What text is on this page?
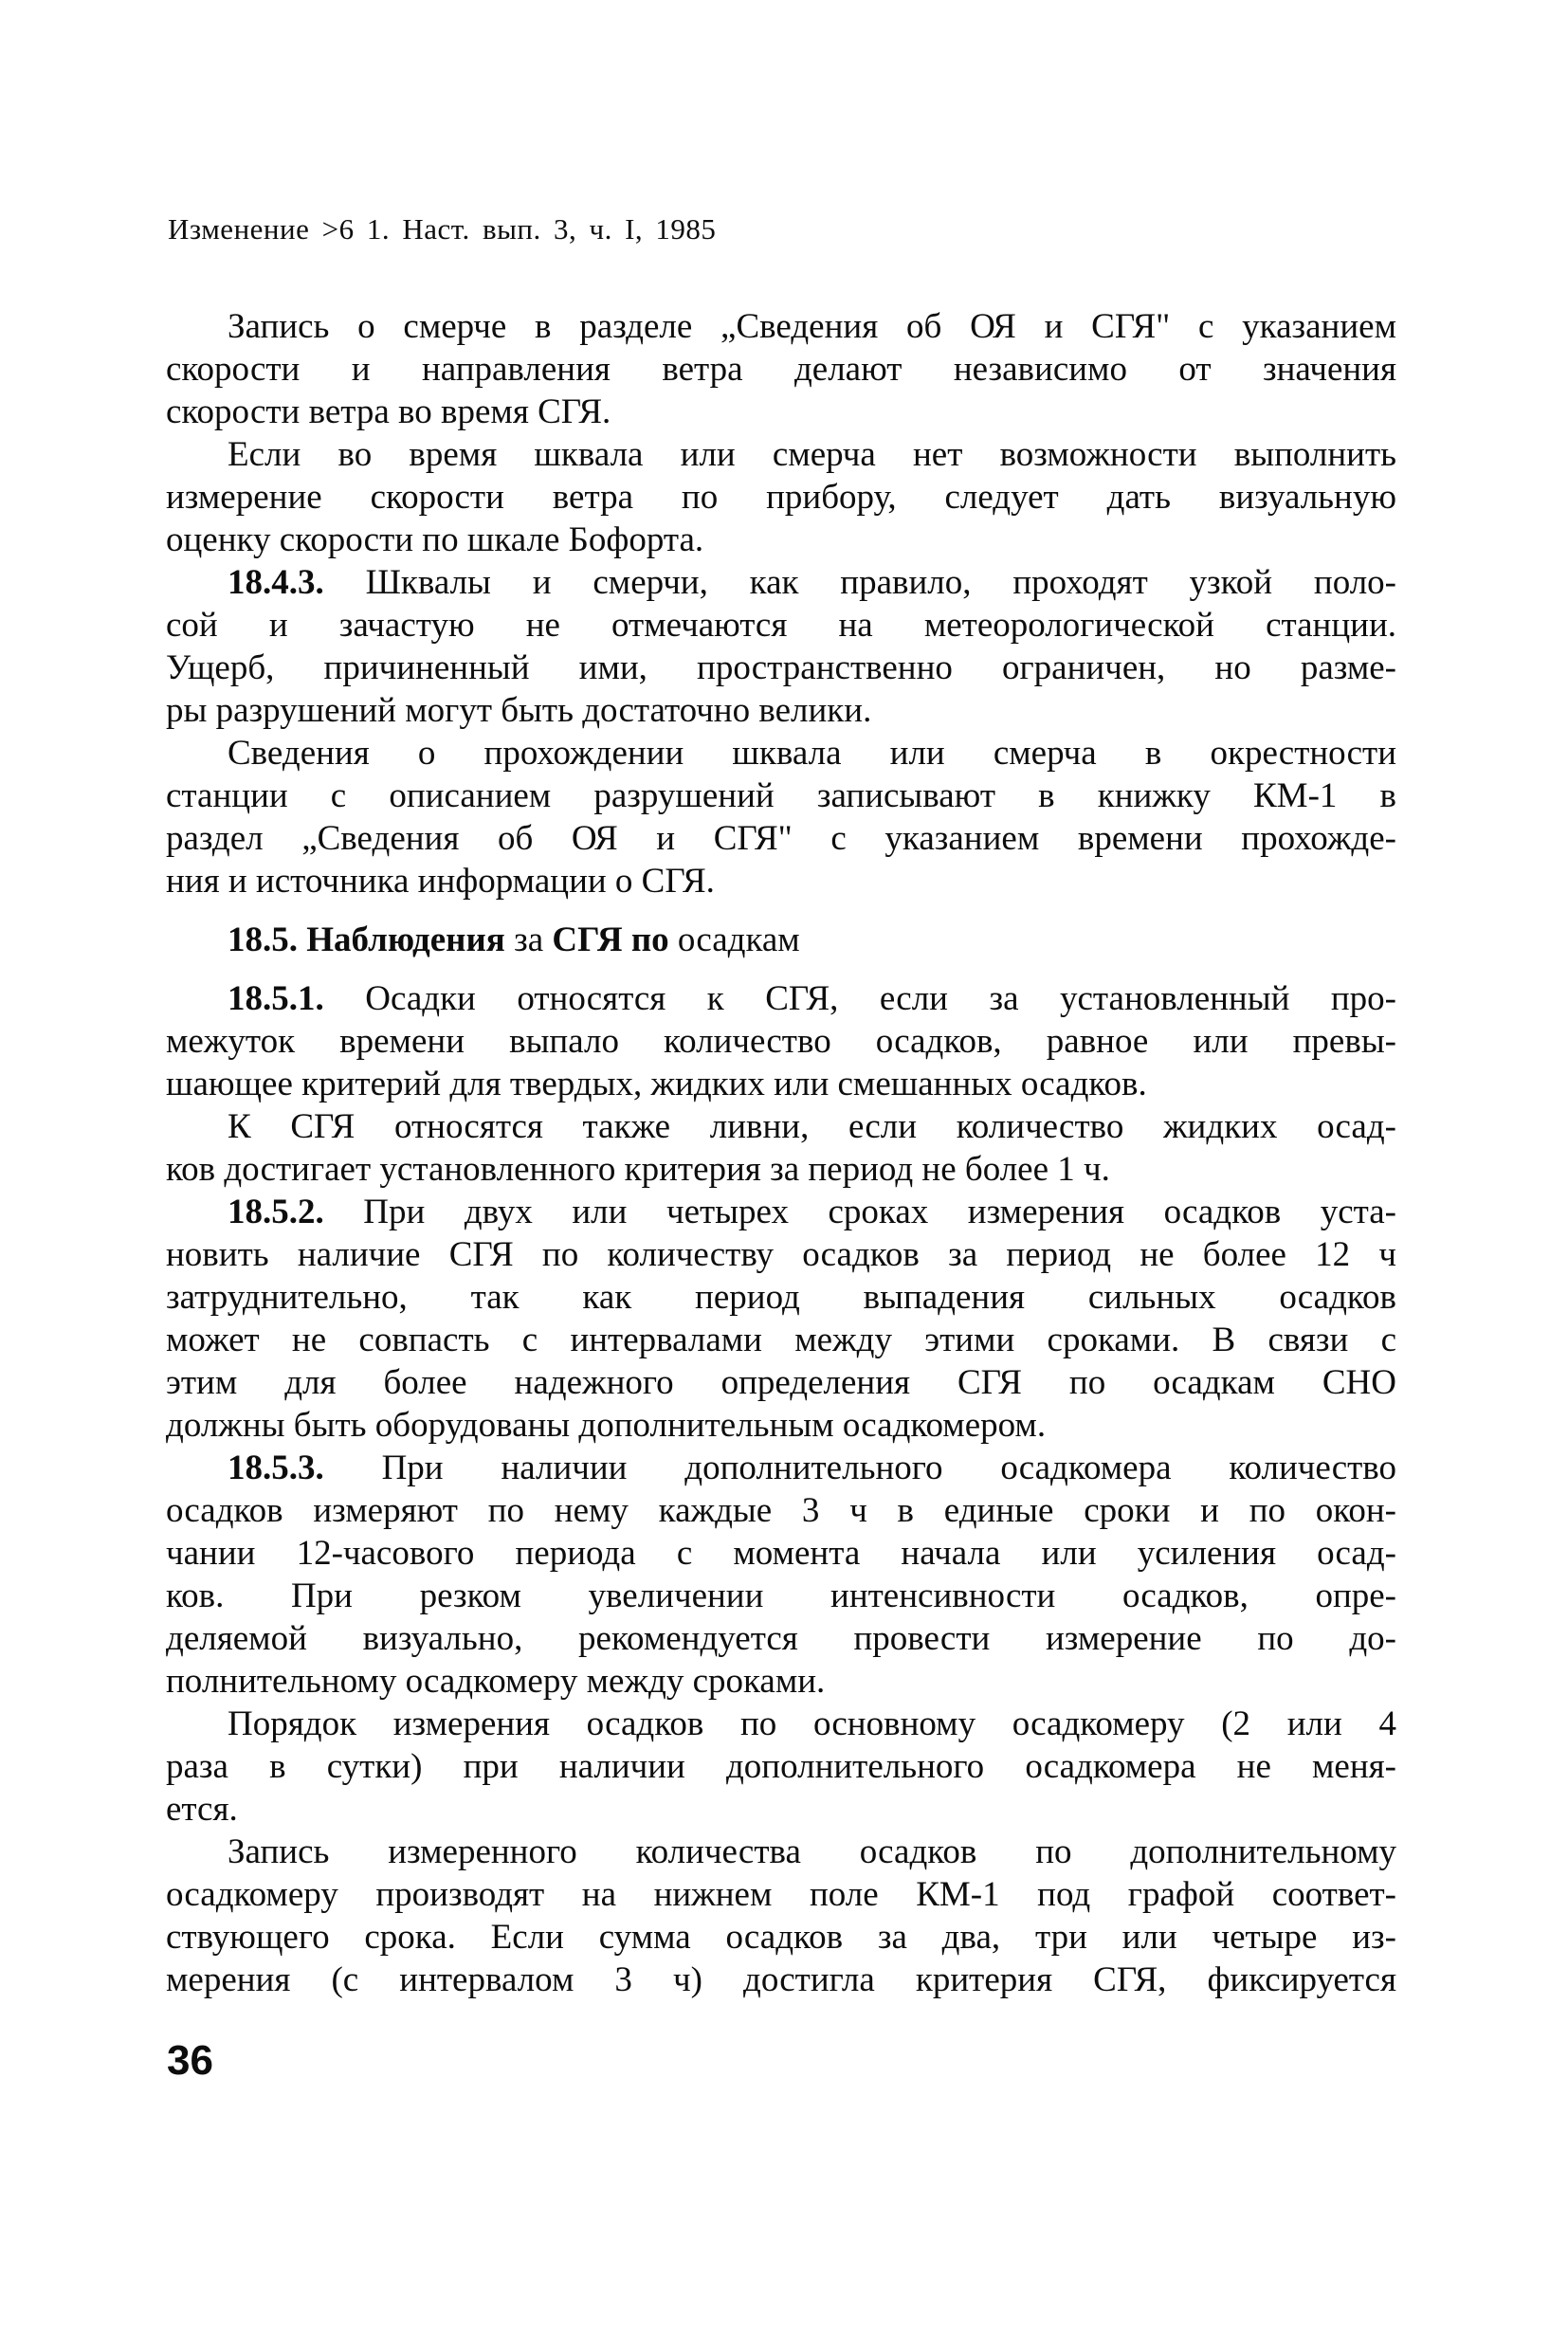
Изменение >6 1. Наст. вып. 3, ч. I, 1985
Запись о смерче в разделе „Сведения об ОЯ и СГЯ" с указанием
скорости и направления ветра делают независимо от значения
скорости ветра во время СГЯ.
Если во время шквала или смерча нет возможности выполнить
измерение скорости ветра по прибору, следует дать визуальную
оценку скорости по шкале Бофорта.
18.4.3. Шквалы и смерчи, как правило, проходят узкой поло-
сой и зачастую не отмечаются на метеорологической станции.
Ущерб, причиненный ими, пространственно ограничен, но разме-
ры разрушений могут быть достаточно велики.
Сведения о прохождении шквала или смерча в окрестности
станции с описанием разрушений записывают в книжку КМ-1 в
раздел „Сведения об ОЯ и СГЯ" с указанием времени прохожде-
ния и источника информации о СГЯ.
18.5. Наблюдения за СГЯ по осадкам
18.5.1. Осадки относятся к СГЯ, если за установленный про-
межуток времени выпало количество осадков, равное или превы-
шающее критерий для твердых, жидких или смешанных осадков.
К СГЯ относятся также ливни, если количество жидких осад-
ков достигает установленного критерия за период не более 1 ч.
18.5.2. При двух или четырех сроках измерения осадков уста-
новить наличие СГЯ по количеству осадков за период не более 12 ч
затруднительно, так как период выпадения сильных осадков
может не совпасть с интервалами между этими сроками. В связи с
этим для более надежного определения СГЯ по осадкам СНО
должны быть оборудованы дополнительным осадкомером.
18.5.3. При наличии дополнительного осадкомера количество
осадков измеряют по нему каждые 3 ч в единые сроки и по окон-
чании 12-часового периода с момента начала или усиления осад-
ков. При резком увеличении интенсивности осадков, опре-
деляемой визуально, рекомендуется провести измерение по до-
полнительному осадкомеру между сроками.
Порядок измерения осадков по основному осадкомеру (2 или 4
раза в сутки) при наличии дополнительного осадкомера не меня-
ется.
Запись измеренного количества осадков по дополнительному
осадкомеру производят на нижнем поле КМ-1 под графой соответ-
ствующего срока. Если сумма осадков за два, три или четыре из-
мерения (с интервалом 3 ч) достигла критерия СГЯ, фиксируется
36
